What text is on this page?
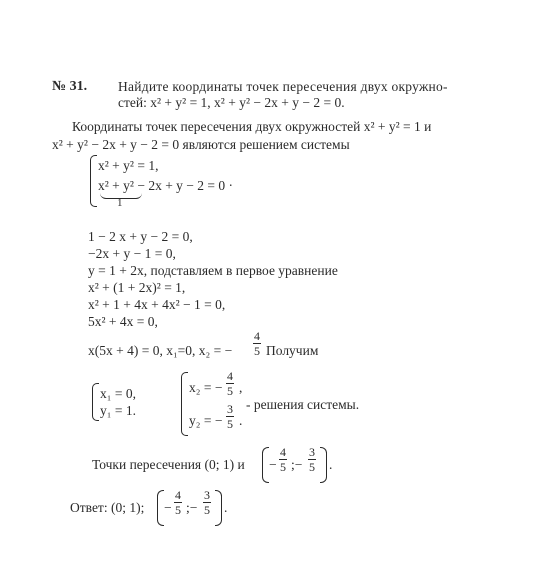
№ 31. Найдите координаты точек пересечения двух окружно-
стей: x² + y² = 1, x² + y² − 2x + y − 2 = 0.
Координаты точек пересечения двух окружностей x² + y² = 1 и
x² + y² − 2x + y − 2 = 0 являются решением системы
x² + y² = 1,
x² + y² − 2x + y − 2 = 0 ·
1
1 − 2 x + y − 2 = 0,
−2x + y − 1 = 0,
y = 1 + 2x, подставляем в первое уравнение
x² + (1 + 2x)² = 1,
x² + 1 + 4x + 4x² − 1 = 0,
5x² + 4x = 0,
x(5x + 4) = 0, x₁=0, x₂ = −
4
5 Получим
x₁ = 0,
y₁ = 1.
x₂ = −
4
5 ,
y₂ = −
3
5 .
- решения системы.
Точки пересечения (0; 1) и −
4
5 ;−
3
5 .
Ответ: (0; 1); −
4
5 ;−
3
5 .
